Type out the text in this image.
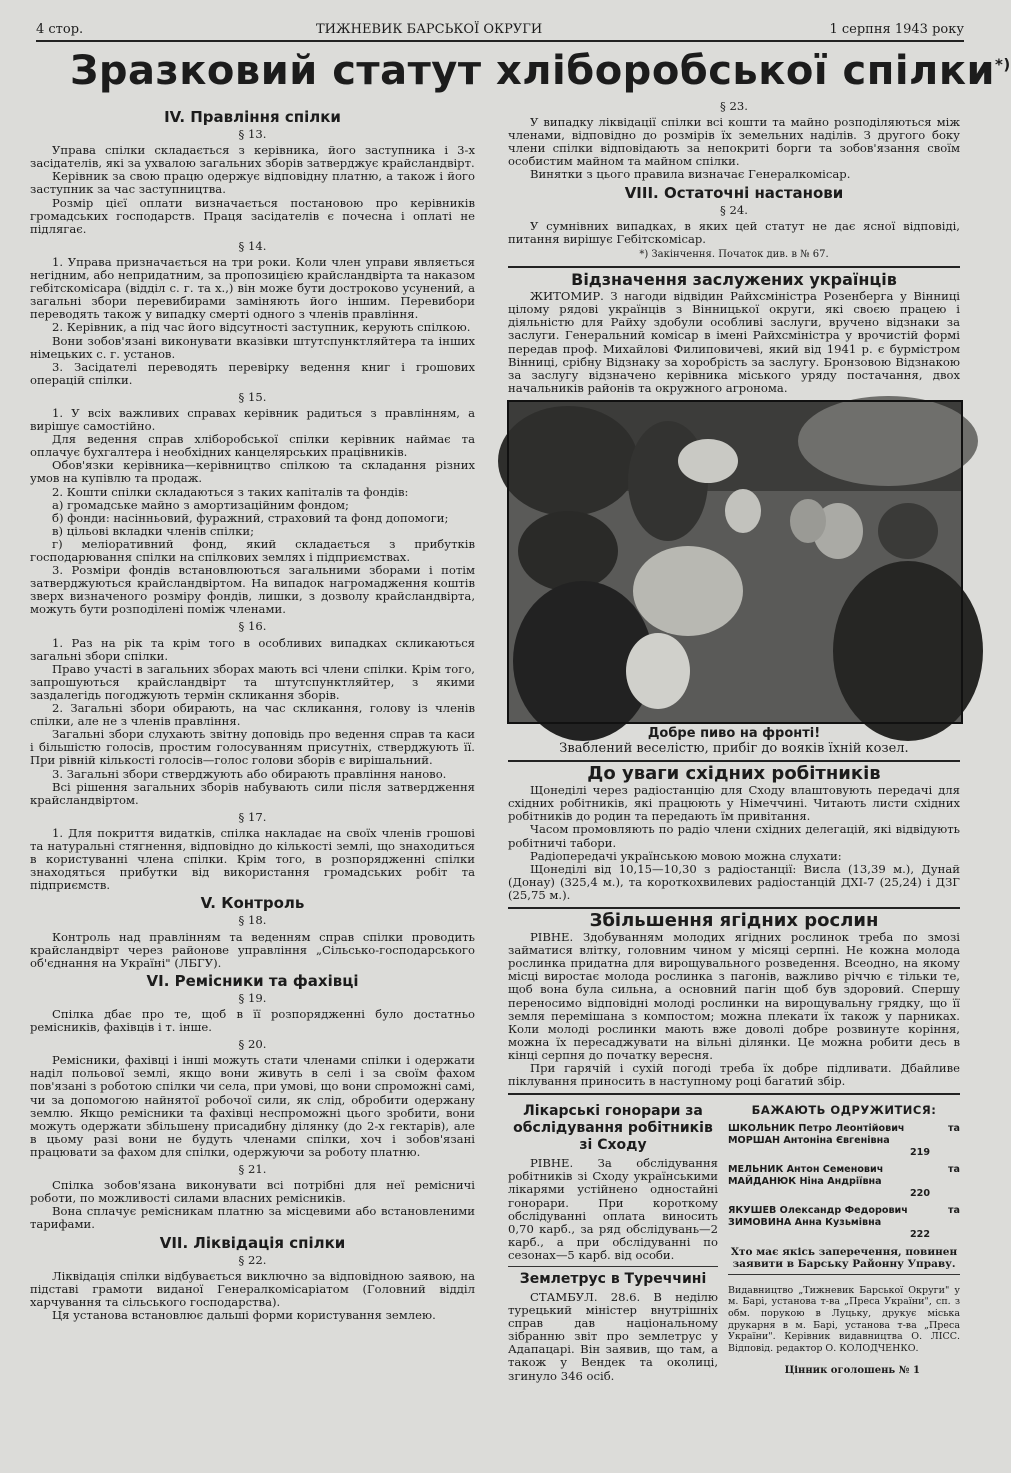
4 стор.	ТИЖНЕВИК БАРСЬКОЇ ОКРУГИ	1 серпня 1943 року
Зразковий статут хліборобської спілки*)
IV. Правління спілки
§ 13.

Управа спілки складається з керівника, його заступника і 3-х засідателів, які за ухвалою загальних зборів затверджує крайсландвірт.

Керівник за свою працю одержує відповідну платню, а також і його заступник за час заступництва.

Розмір цієї оплати визначається постановою про керівників громадських господарств. Праця засідателів є почесна і оплаті не підлягає.

§ 14.

1. Управа призначається на три роки. Коли член управи являється негідним, або непридатним, за пропозицією крайсландвірта та наказом гебітскомісара (відділ с. г. та х.,) він може бути достроково усунений, а загальні збори перевибирами заміняють його іншим. Перевибори переводять також у випадку смерті одного з членів правління.

2. Керівник, а під час його відсутності заступник, керують спілкою.

Вони зобов'язані виконувати вказівки штутспунктляйтера та інших німецьких с. г. установ.

3. Засідателі переводять перевірку ведення книг і грошових операцій спілки.

§ 15.

1. У всіх важливих справах керівник радиться з правлінням, а вирішує самостійно.

Для ведення справ хліборобської спілки керівник наймає та оплачує бухгалтера і необхідних канцелярських працівників.

Обов'язки керівника—керівництво спілкою та складання різних умов на купівлю та продаж.

2. Кошти спілки складаються з таких капіталів та фондів:

а) громадське майно з амортизаційним фондом;

б) фонди: насінньовий, фуражний, страховий та фонд допомоги;

в) цільові вкладки членів спілки;

г) меліоративний фонд, який складається з прибутків господарювання спілки на спілкових землях і підприємствах.

3. Розміри фондів встановлюються загальними зборами і потім затверджуються крайсландвіртом. На випадок нагромадження коштів зверх визначеного розміру фондів, лишки, з дозволу крайсландвірта, можуть бути розподілені поміж членами.

§ 16.

1. Раз на рік та крім того в особливих випадках скликаються загальні збори спілки.

Право участі в загальних зборах мають всі члени спілки. Крім того, запрошуються крайсландвірт та штутспунктляйтер, з якими заздалегідь погоджують термін скликання зборів.

2. Загальні збори обирають, на час скликання, голову із членів спілки, але не з членів правління.

Загальні збори слухають звітну доповідь про ведення справ та каси і більшістю голосів, простим голосуванням присутніх, стверджують її. При рівній кількості голосів—голос голови зборів є вирішальний.

3. Загальні збори стверджують або обирають правління наново.

Всі рішення загальних зборів набувають сили після затвердження крайсландвіртом.

§ 17.

1. Для покриття видатків, спілка накладає на своїх членів грошові та натуральні стягнення, відповідно до кількості землі, що знаходиться в користуванні члена спілки. Крім того, в розпорядженні спілки знаходяться прибутки від використання громадських робіт та підприємств.

V. Контроль
§ 18.

Контроль над правлінням та веденням справ спілки проводить крайсландвірт через районове управління „Сільсько-господарського об'єднання на Україні" (ЛБГУ).

VI. Ремісники та фахівці
§ 19.

Спілка дбає про те, щоб в її розпорядженні було достатньо ремісників, фахівців і т. інше.

§ 20.

Ремісники, фахівці і інші можуть стати членами спілки і одержати наділ польової землі, якщо вони живуть в селі і за своїм фахом пов'язані з роботою спілки чи села, при умові, що вони спроможні самі, чи за допомогою найнятої робочої сили, як слід, обробити одержану землю. Якщо ремісники та фахівці неспроможні цього зробити, вони можуть одержати збільшену присадибну ділянку (до 2-х гектарів), але в цьому разі вони не будуть членами спілки, хоч і зобов'язані працювати за фахом для спілки, одержуючи за роботу платню.

§ 21.

Спілка зобов'язана виконувати всі потрібні для неї ремісничі роботи, по можливості силами власних ремісників.

Вона сплачує ремісникам платню за місцевими або встановленими тарифами.

VII. Ліквідація спілки
§ 22.

Ліквідація спілки відбувається виключно за відповідною заявою, на підставі грамоти виданої Генералкомісаріатом (Головний відділ харчування та сільського господарства).

Ця установа встановлює дальші форми користування землею.

§ 23.

У випадку ліквідації спілки всі кошти та майно розподіляються між членами, відповідно до розмірів їх земельних наділів. З другого боку члени спілки відповідають за непокриті борги та зобов'язання своїм особистим майном та майном спілки.

Винятки з цього правила визначає Генералкомісар.

VIII. Остаточні настанови
§ 24.

У сумнівних випадках, в яких цей статут не дає ясної відповіді, питання вирішує Гебітскомісар.

*) Закінчення. Початок див. в № 67.
Відзначення заслужених українців

ЖИТОМИР. З нагоди відвідин Райхсміністра Розенберга у Вінниці цілому рядові українців з Вінницької округи, які своєю працею і діяльністю для Райху здобули особливі заслуги, вручено відзнаки за заслуги. Генеральний комісар в імені Райхсміністра у врочистій формі передав проф. Михайлові Филиповичеві, який від 1941 р. є бурмістром Вінниці, срібну Відзнаку за хоробрість за заслугу. Бронзовою Відзнакою за заслугу відзначено керівника міського уряду постачання, двох начальників районів та окружного агронома.

Добре пиво на фронті!
Зваблений веселістю, прибіг до вояків їхній козел.
До уваги східних робітників

Щонеділі через радіостанцію для Сходу влаштовують передачі для східних робітників, які працюють у Німеччині. Читають листи східних робітників до родин та передають їм привітання.

Часом промовляють по радіо члени східних делегацій, які відвідують робітничі табори.

Радіопередачі українською мовою можна слухати:

Щонеділі від 10,15—10,30 з радіостанції: Висла (13,39 м.), Дунай (Донау) (325,4 м.), та короткохвилевих радіостанцій ДХІ-7 (25,24) і ДЗГ (25,75 м.).

Збільшення ягідних рослин

РІВНЕ. Здобуванням молодих ягідних рослинок треба по змозі займатися влітку, головним чином у місяці серпні. Не кожна молода рослинка придатна для вирощувального розведення. Всеодно, на якому місці виростає молода рослинка з пагонів, важливо річчю є тільки те, щоб вона була сильна, а основний пагін щоб був здоровий. Спершу переносимо відповідні молоді рослинки на вирощувальну грядку, що її земля перемішана з компостом; можна плекати їх також у парниках. Коли молоді рослинки мають вже доволі добре розвинуте коріння, можна їх пересаджувати на вільні ділянки. Це можна робити десь в кінці серпня до початку вересня.

При гарячій і сухій погоді треба їх добре підливати. Дбайливе піклування приносить в наступному році багатий збір.

Лікарські гонорари за обслідування робітників зі Сходу

РІВНЕ. За обслідування робітників зі Сходу українськими лікарями устійнено одностайні гонорари. При короткому обслідуванні оплата виносить 0,70 карб., за ряд обслідувань—2 карб., а при обслідуванні по сезонах—5 карб. від особи.

Землетрус в Туреччині

СТАМБУЛ. 28.6. В неділю турецький міністер внутрішніх справ дав національному зібранню звіт про землетрус у Адапацарі. Він заявив, що там, а також у Вендек та околиці, згинуло 346 осіб.

БАЖАЮТЬ ОДРУЖИТИСЯ:
ШКОЛЬНИК Петро Леонтійович	та
МОРШАН Антоніна Євгенівна
219
МЕЛЬНИК Антон Семенович	та
МАЙДАНЮК Ніна Андріївна
220
ЯКУШЕВ Олександр Федорович	та
ЗИМОВИНА Анна Кузьмівна
222
Хто має якісь заперечення, повинен заявити в Барську Районну Управу.

Видавництво „Тижневик Барської Округи" у м. Барі, установа т-ва „Преса України", сп. з обм. порукою в Луцьку, друкує міська друкарня в м. Барі, установа т-ва „Преса України". Керівник видавництва О. ЛІСС. Відповід. редактор О. КОЛОДЧЕНКО.

Цінник оголошень № 1
